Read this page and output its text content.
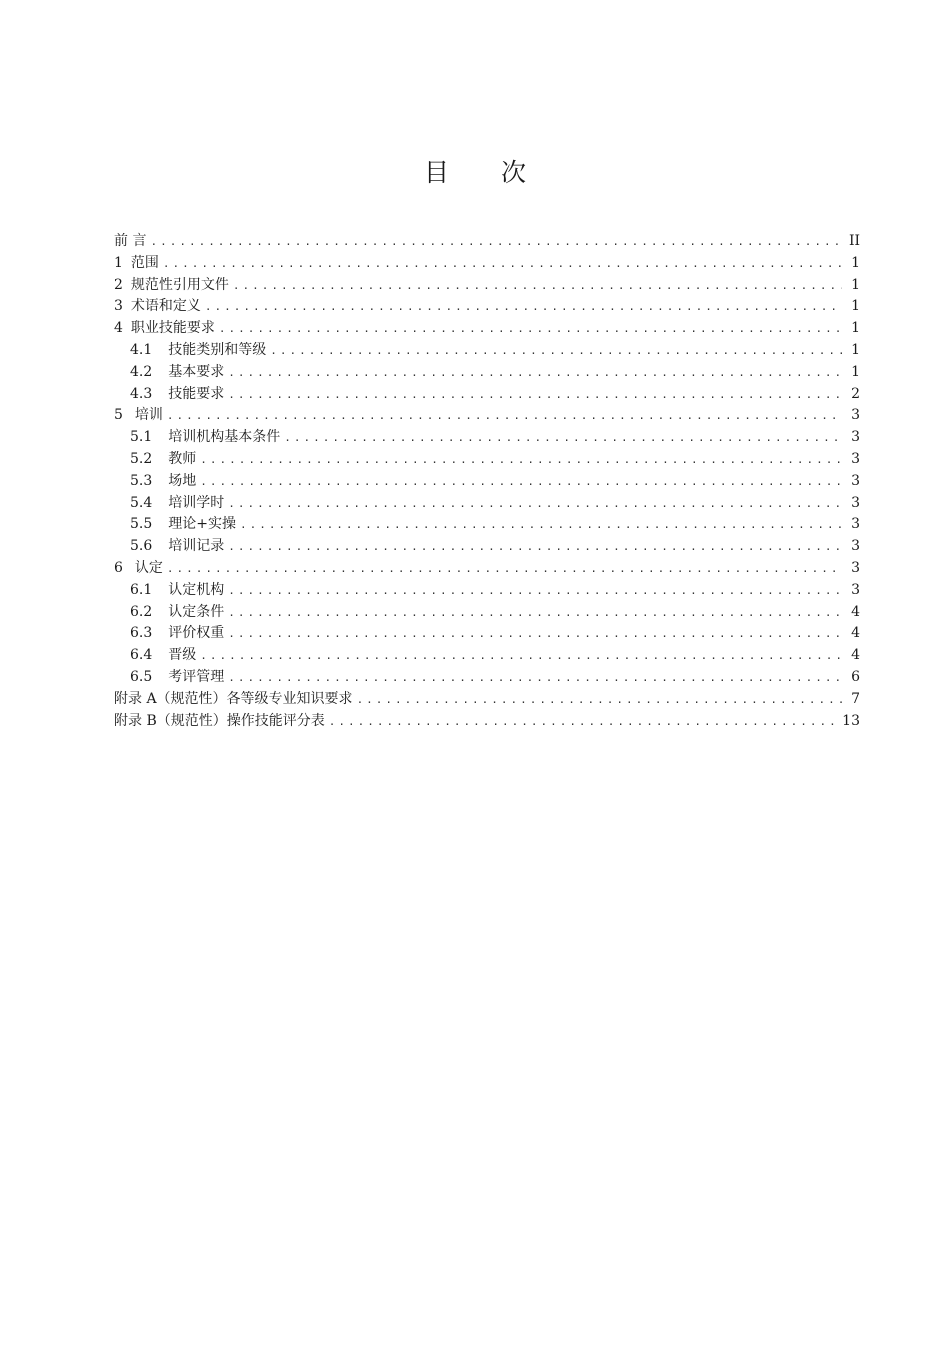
目 次
前 言 .....	II
1 范围 .....	1
2 规范性引用文件 .....	1
3 术语和定义 .....	1
4 职业技能要求 .....	1
4.1 技能类别和等级 .....	1
4.2 基本要求 .....	1
4.3 技能要求 .....	2
5 培训 .....	3
5.1 培训机构基本条件 .....	3
5.2 教师 .....	3
5.3 场地 .....	3
5.4 培训学时 .....	3
5.5 理论+实操 .....	3
5.6 培训记录 .....	3
6 认定 .....	3
6.1 认定机构 .....	3
6.2 认定条件 .....	4
6.3 评价权重 .....	4
6.4 晋级 .....	4
6.5 考评管理 .....	6
附录 A（规范性）各等级专业知识要求 .....	7
附录 B（规范性）操作技能评分表 .....	13
